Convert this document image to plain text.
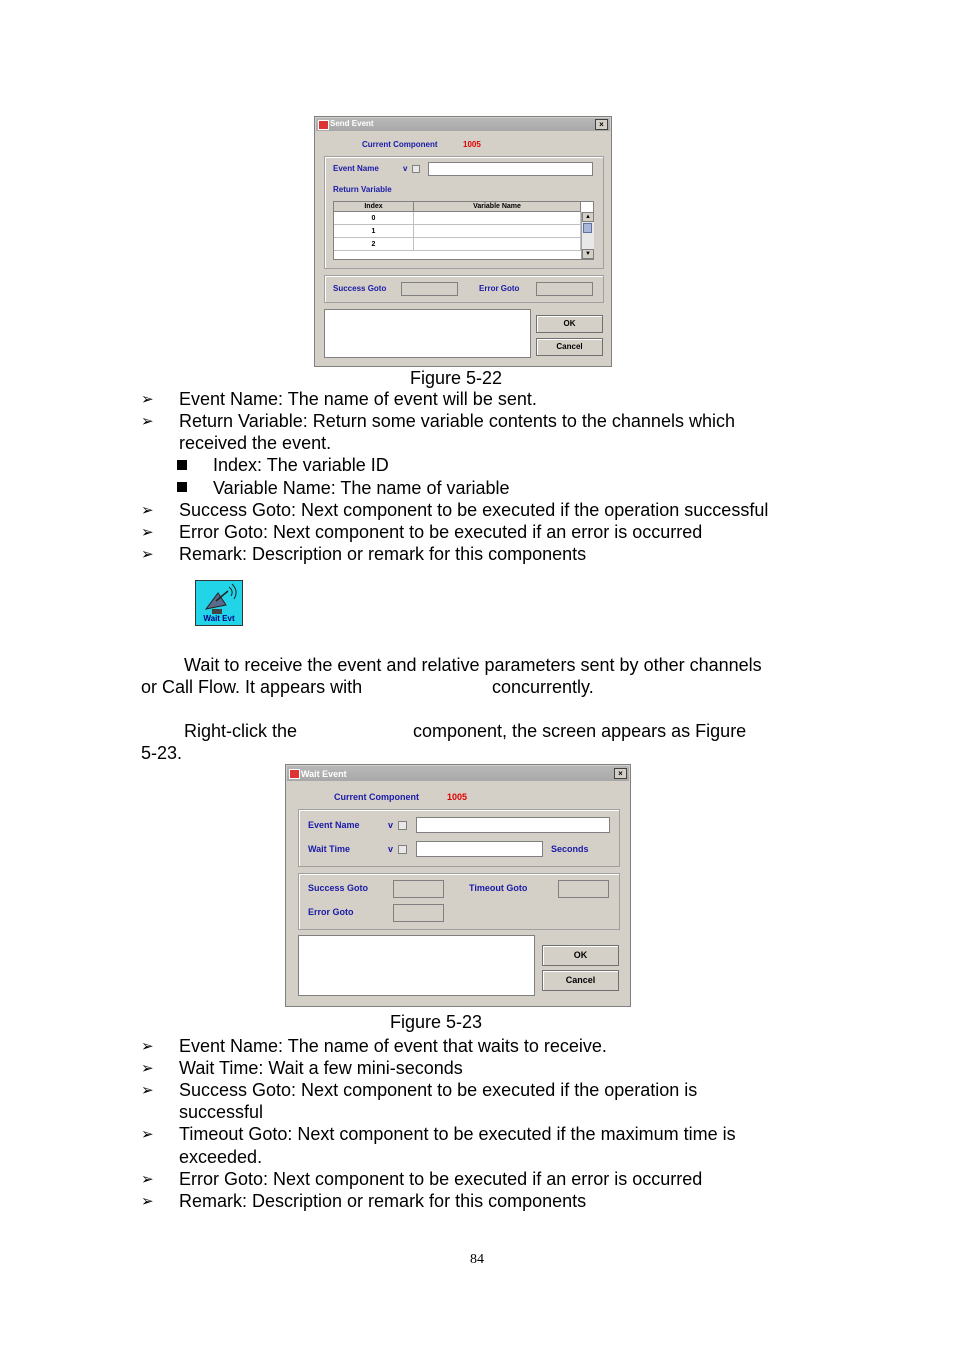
Send Event	×
Current Component	1005
Event Name	v
Return Variable
Index	Variable Name
0
1
2
▲
▼
Success Goto	Error Goto
OK
Cancel
Figure 5-22
➢ Event Name: The name of event will be sent.
➢ Return Variable: Return some variable contents to the channels which
received the event.
Index: The variable ID
Variable Name: The name of variable
➢ Success Goto: Next component to be executed if the operation successful
➢ Error Goto: Next component to be executed if an error is occurred
➢ Remark: Description or remark for this components
Wait Evt
Wait to receive the event and relative parameters sent by other channels
or Call Flow. It appears with	concurrently.
Right-click the	component, the screen appears as Figure
5-23.
Wait Event	×
Current Component	1005
Event Name	v
Wait Time	v	Seconds
Success Goto	Timeout Goto
Error Goto
OK
Cancel
Figure 5-23
➢ Event Name: The name of event that waits to receive.
➢ Wait Time: Wait a few mini-seconds
➢ Success Goto: Next component to be executed if the operation is
successful
➢ Timeout Goto: Next component to be executed if the maximum time is
exceeded.
➢ Error Goto: Next component to be executed if an error is occurred
➢ Remark: Description or remark for this components
84
